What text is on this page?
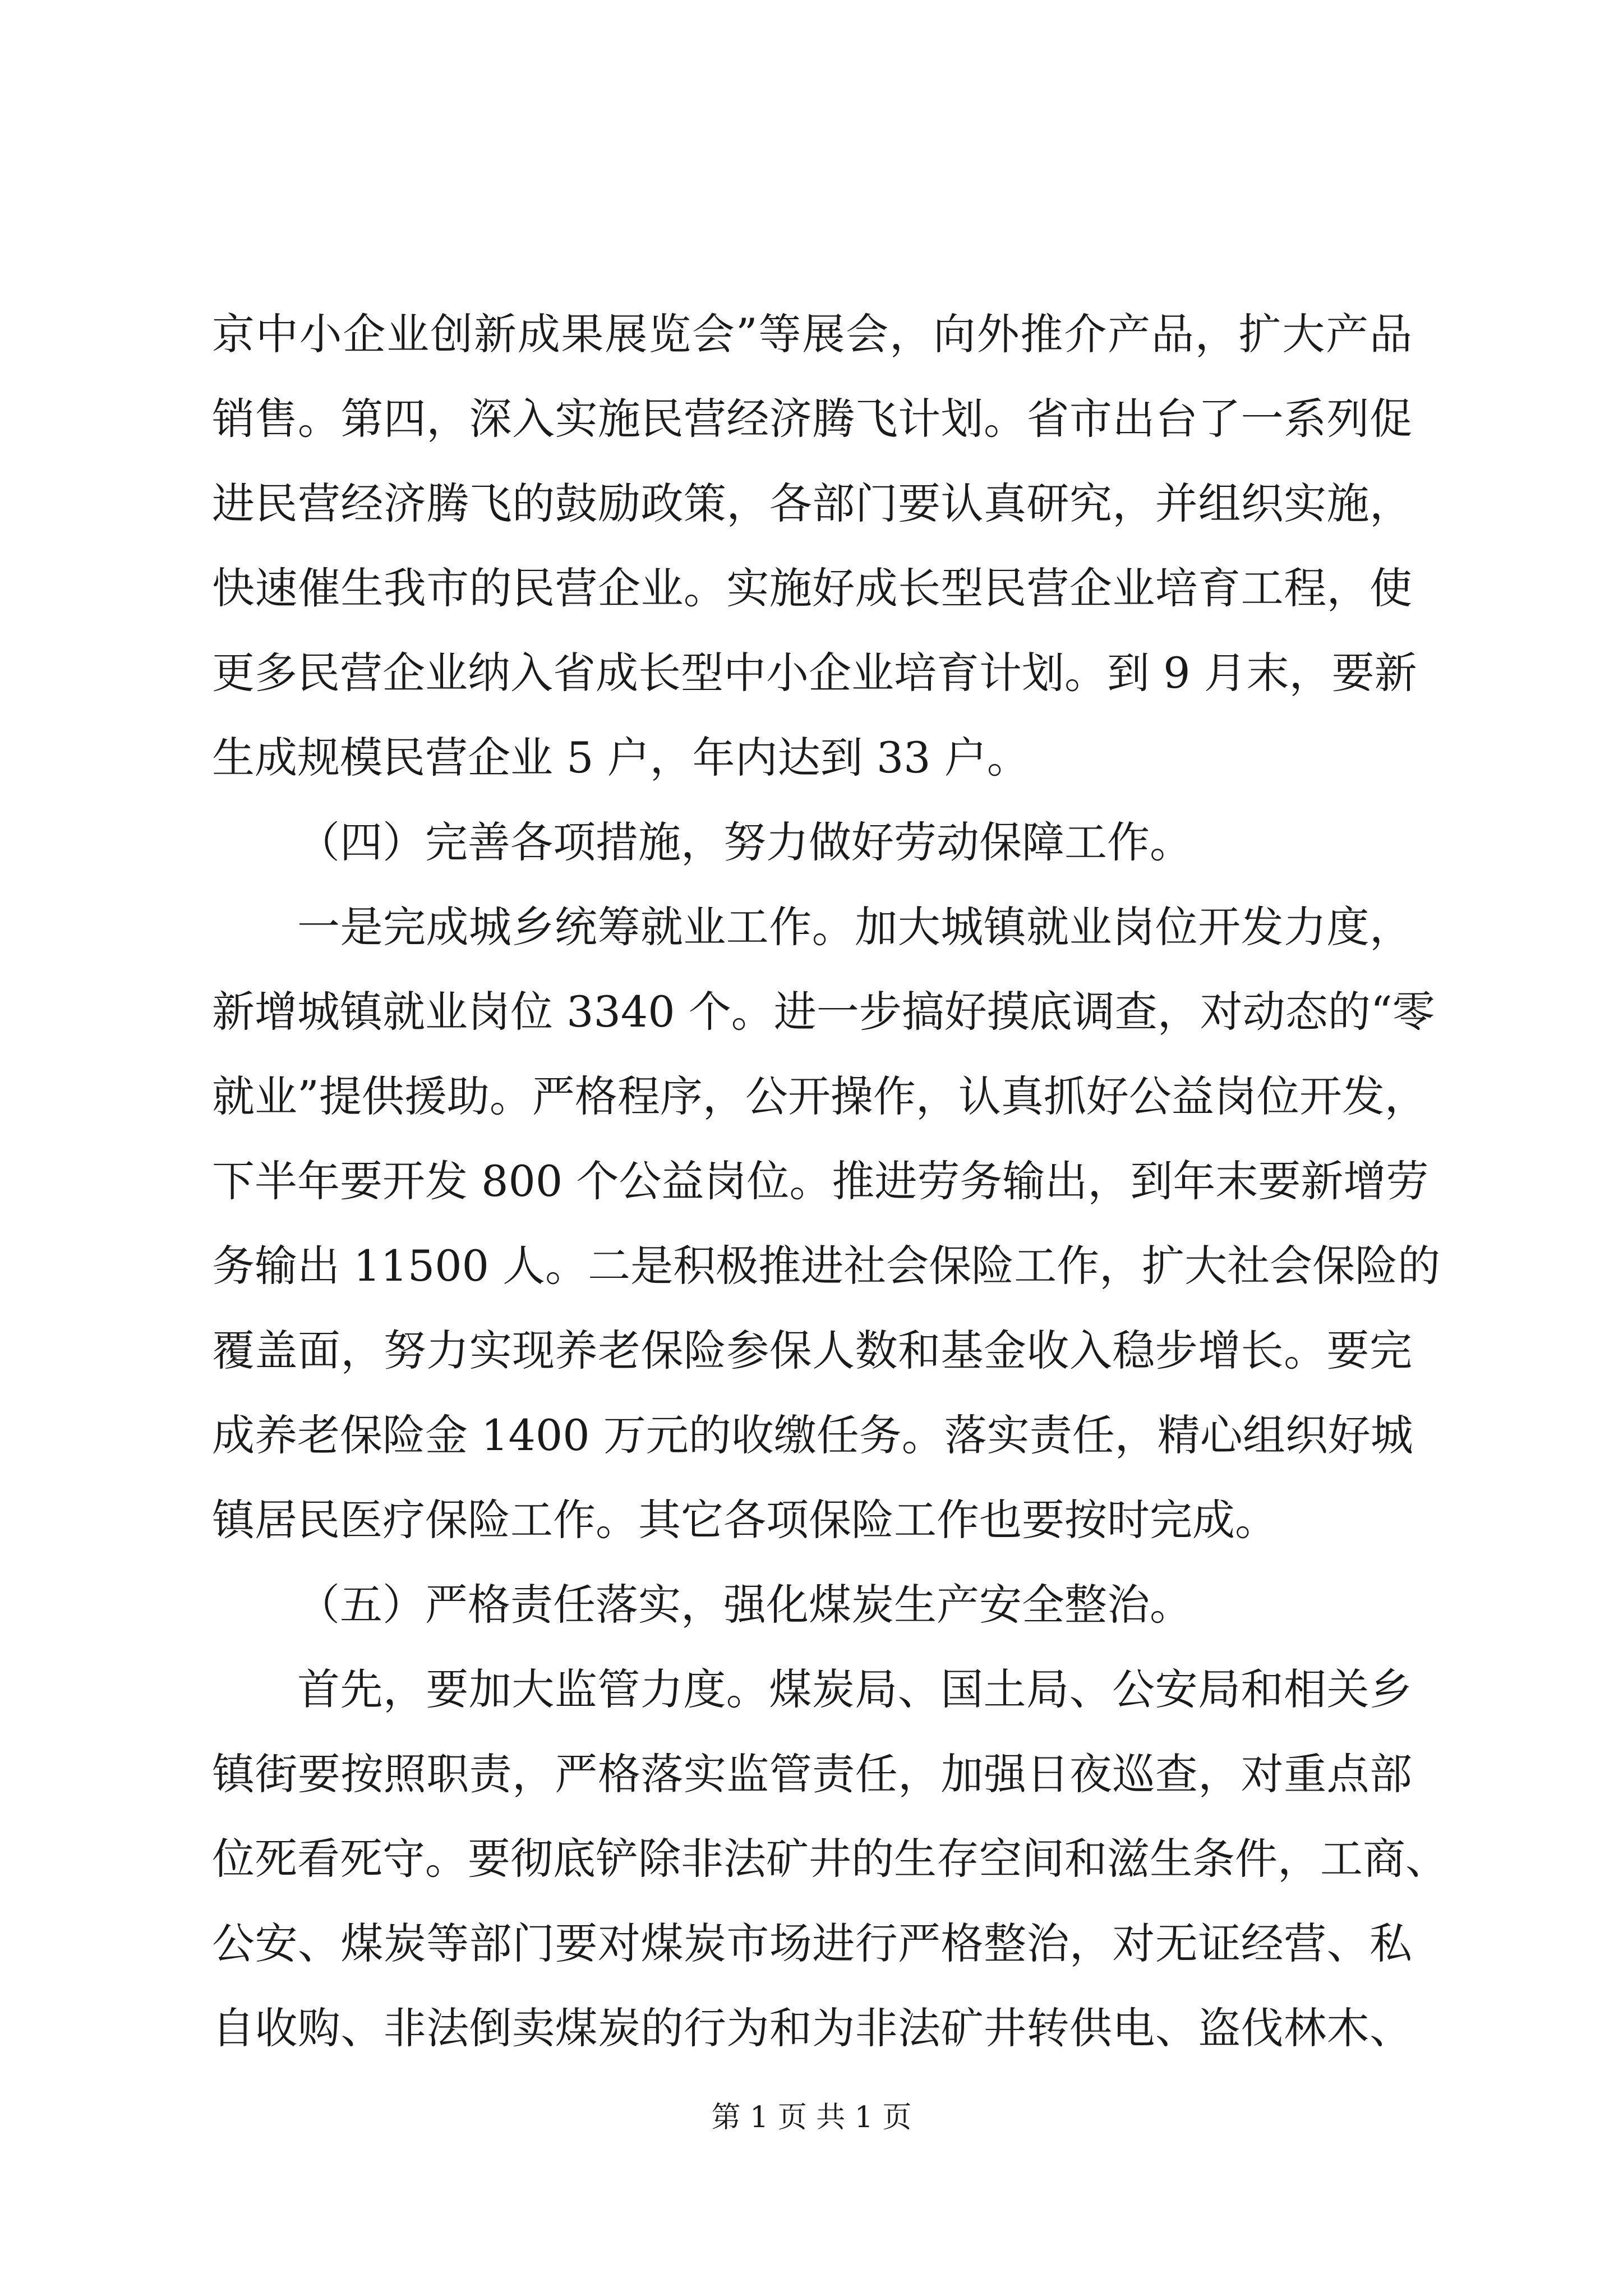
京中小企业创新成果展览会”等展会，向外推介产品，扩大产品
销售。第四，深入实施民营经济腾飞计划。省市出台了一系列促
进民营经济腾飞的鼓励政策，各部门要认真研究，并组织实施，
快速催生我市的民营企业。实施好成长型民营企业培育工程，使
更多民营企业纳入省成长型中小企业培育计划。到 9 月末，要新
生成规模民营企业 5 户，年内达到 33 户。
（四）完善各项措施，努力做好劳动保障工作。
一是完成城乡统筹就业工作。加大城镇就业岗位开发力度，
新增城镇就业岗位 3340 个。进一步搞好摸底调查，对动态的“零
就业”提供援助。严格程序，公开操作，认真抓好公益岗位开发，
下半年要开发 800 个公益岗位。推进劳务输出，到年末要新增劳
务输出 11500 人。二是积极推进社会保险工作，扩大社会保险的
覆盖面，努力实现养老保险参保人数和基金收入稳步增长。要完
成养老保险金 1400 万元的收缴任务。落实责任，精心组织好城
镇居民医疗保险工作。其它各项保险工作也要按时完成。
（五）严格责任落实，强化煤炭生产安全整治。
首先，要加大监管力度。煤炭局、国土局、公安局和相关乡
镇街要按照职责，严格落实监管责任，加强日夜巡查，对重点部
位死看死守。要彻底铲除非法矿井的生存空间和滋生条件，工商、
公安、煤炭等部门要对煤炭市场进行严格整治，对无证经营、私
自收购、非法倒卖煤炭的行为和为非法矿井转供电、盗伐林木、
第 1 页 共 1 页
